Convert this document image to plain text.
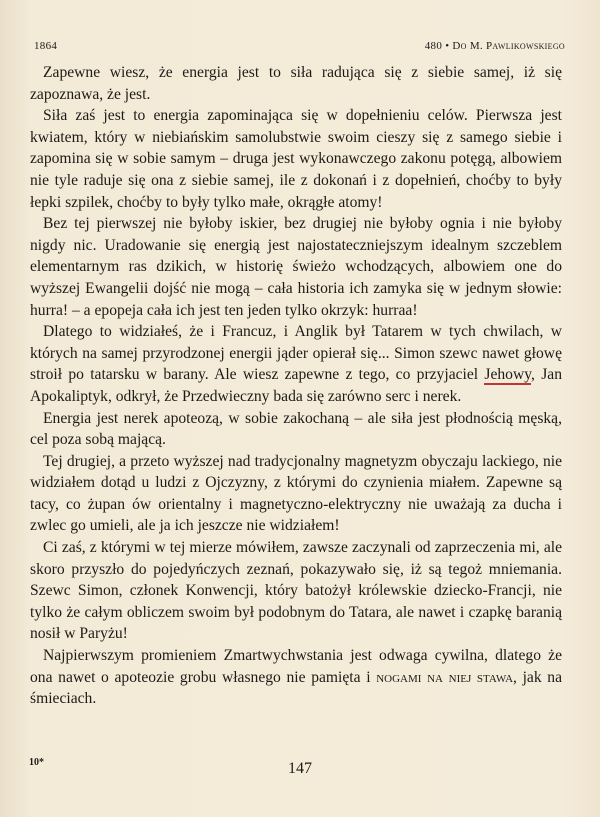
1864	480 • Do M. Pawlikowskiego

Zapewne wiesz, że energia jest to siła radująca się z siebie samej, iż się zapoznawa, że jest.

Siła zaś jest to energia zapominająca się w dopełnieniu celów. Pierwsza jest kwiatem, który w niebiańskim samolubstwie swoim cieszy się z samego siebie i zapomina się w sobie samym – druga jest wykonawczego zakonu potęgą, albowiem nie tyle raduje się ona z siebie samej, ile z dokonań i z dopełnień, choćby to były łepki szpilek, choćby to były tylko małe, okrągłe atomy!

Bez tej pierwszej nie byłoby iskier, bez drugiej nie byłoby ognia i nie byłoby nigdy nic. Uradowanie się energią jest najostateczniejszym idealnym szczeblem elementarnym ras dzikich, w historię świeżo wchodzących, albowiem one do wyższej Ewangelii dojść nie mogą – cała historia ich zamyka się w jednym słowie: hurra! – a epopeja cała ich jest ten jeden tylko okrzyk: hurraa!

Dlatego to widziałeś, że i Francuz, i Anglik był Tatarem w tych chwilach, w których na samej przyrodzonej energii jąder opierał się... Simon szewc nawet głowę stroił po tatarsku w barany. Ale wiesz zapewne z tego, co przyjaciel Jehowy, Jan Apokaliptyk, odkrył, że Przedwieczny bada się zarówno serc i nerek.

Energia jest nerek apoteozą, w sobie zakochaną – ale siła jest płodnością męską, cel poza sobą mającą.

Tej drugiej, a przeto wyższej nad tradycjonalny magnetyzm obyczaju lackiego, nie widziałem dotąd u ludzi z Ojczyzny, z którymi do czynienia miałem. Zapewne są tacy, co żupan ów orientalny i magnetyczno-elektryczny nie uważają za ducha i zwlec go umieli, ale ja ich jeszcze nie widziałem!

Ci zaś, z którymi w tej mierze mówiłem, zawsze zaczynali od zaprzeczenia mi, ale skoro przyszło do pojedyńczych zeznań, pokazywało się, iż są tegoż mniemania. Szewc Simon, członek Konwencji, który batożył królewskie dziecko-Francji, nie tylko że całym obliczem swoim był podobnym do Tatara, ale nawet i czapkę baranią nosił w Paryżu!

Najpierwszym promieniem Zmartwychwstania jest odwaga cywilna, dlatego że ona nawet o apoteozie grobu własnego nie pamięta i nogami na niej stawa, jak na śmieciach.

10*	147
